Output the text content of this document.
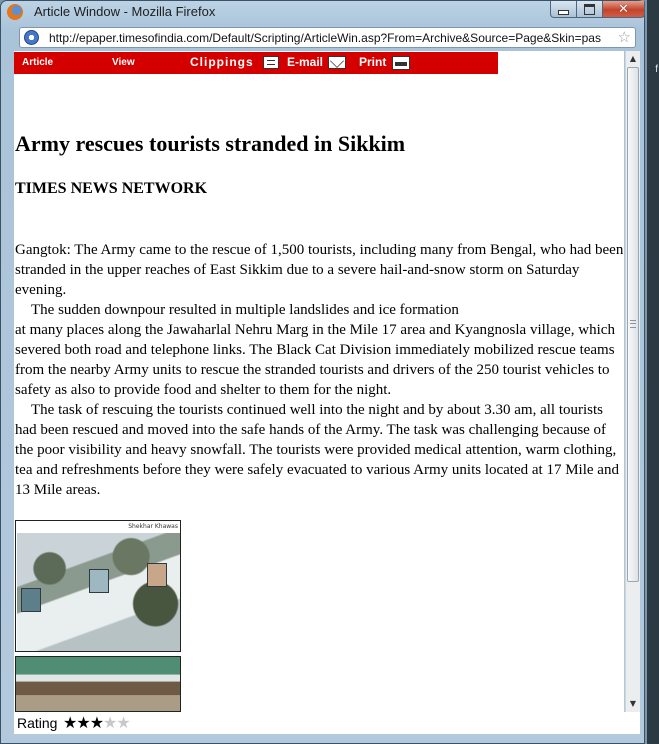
f
Article Window - Mozilla Firefox	✕
http://epaper.timesofindia.com/Default/Scripting/ArticleWin.asp?From=Archive&Source=Page&Skin=pas	☆
Article	View	Clippings	E-mail	Print
Army rescues tourists stranded in Sikkim
TIMES NEWS NETWORK

Gangtok: The Army came to the rescue of 1,500 tourists, including many from Bengal, who had been stranded in the upper reaches of East Sikkim due to a severe hail-and-snow storm on Saturday evening.

The sudden downpour resulted in multiple landslides and ice formation

at many places along the Jawaharlal Nehru Marg in the Mile 17 area and Kyangnosla village, which severed both road and telephone links. The Black Cat Division immediately mobilized rescue teams from the nearby Army units to rescue the stranded tourists and drivers of the 250 tourist vehicles to safety as also to provide food and shelter to them for the night.

The task of rescuing the tourists continued well into the night and by about 3.30 am, all tourists had been rescued and moved into the safe hands of the Army. The task was challenging because of the poor visibility and heavy snowfall. The tourists were provided medical attention, warm clothing, tea and refreshments before they were safely evacuated to various Army units located at 17 Mile and 13 Mile areas.

Shekhar Khawas
▲
▼
Rating ★★★★★
